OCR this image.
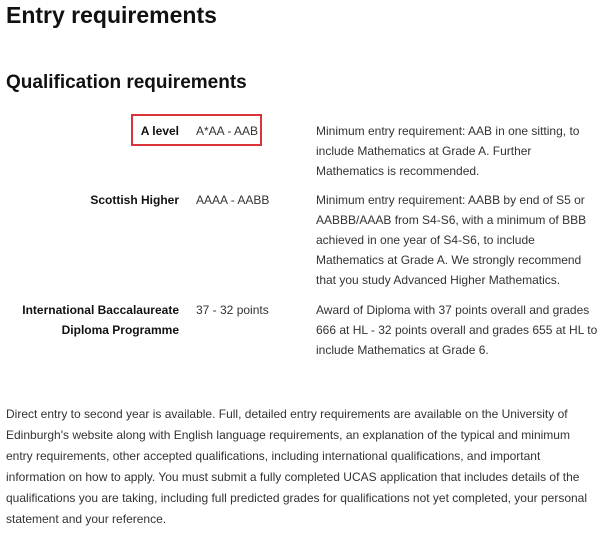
Entry requirements
Qualification requirements
A level A*AA - AAB	Minimum entry requirement: AAB in one sitting, to include Mathematics at Grade A. Further Mathematics is recommended.
Scottish Higher AAAA - AABB	Minimum entry requirement: AABB by end of S5 or AABBB/AAAB from S4-S6, with a minimum of BBB achieved in one year of S4-S6, to include Mathematics at Grade A. We strongly recommend that you study Advanced Higher Mathematics.
International Baccalaureate
Diploma Programme
37 - 32 points	Award of Diploma with 37 points overall and grades 666 at HL - 32 points overall and grades 655 at HL to include Mathematics at Grade 6.

Direct entry to second year is available. Full, detailed entry requirements are available on the University of Edinburgh's website along with English language requirements, an explanation of the typical and minimum entry requirements, other accepted qualifications, including international qualifications, and important information on how to apply. You must submit a fully completed UCAS application that includes details of the qualifications you are taking, including full predicted grades for qualifications not yet completed, your personal statement and your reference.
